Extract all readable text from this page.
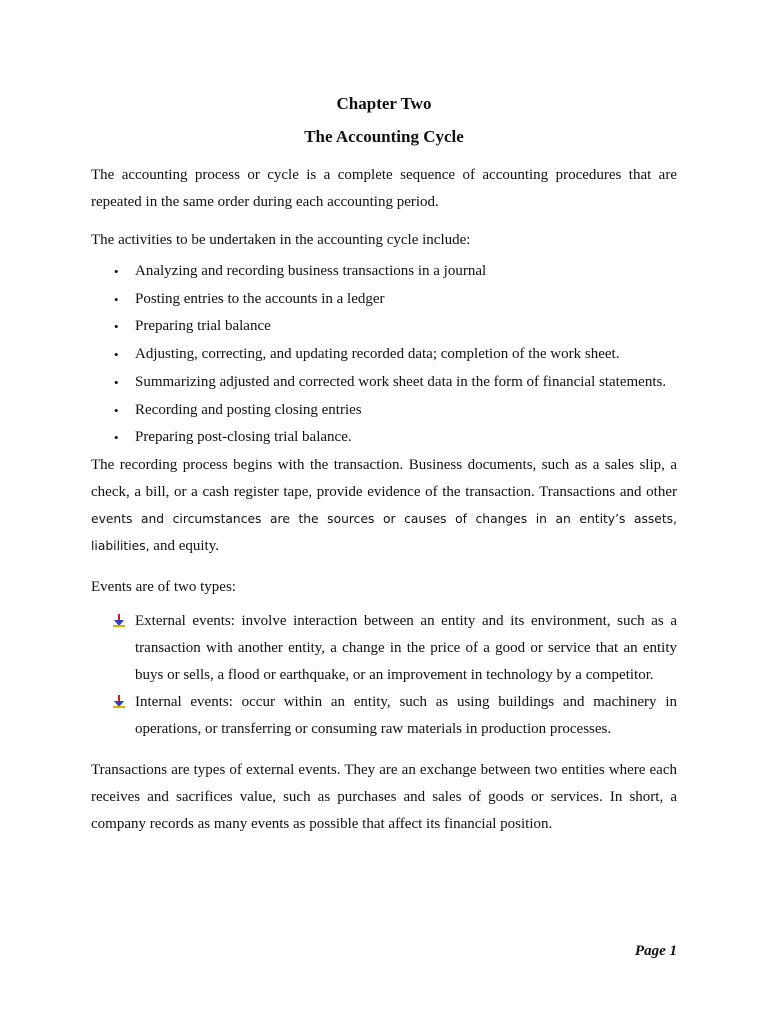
Chapter Two
The Accounting Cycle

The accounting process or cycle is a complete sequence of accounting procedures that are repeated in the same order during each accounting period.

The activities to be undertaken in the accounting cycle include:

• Analyzing and recording business transactions in a journal
• Posting entries to the accounts in a ledger
• Preparing trial balance
• Adjusting, correcting, and updating recorded data; completion of the work sheet.
• Summarizing adjusted and corrected work sheet data in the form of financial statements.
• Recording and posting closing entries
• Preparing post-closing trial balance.

The recording process begins with the transaction. Business documents, such as a sales slip, a check, a bill, or a cash register tape, provide evidence of the transaction. Transactions and other events and circumstances are the sources or causes of changes in an entity’s assets, liabilities, and equity.

Events are of two types:

External events: involve interaction between an entity and its environment, such as a transaction with another entity, a change in the price of a good or service that an entity buys or sells, a flood or earthquake, or an improvement in technology by a competitor.
Internal events: occur within an entity, such as using buildings and machinery in operations, or transferring or consuming raw materials in production processes.

Transactions are types of external events. They are an exchange between two entities where each receives and sacrifices value, such as purchases and sales of goods or services. In short, a company records as many events as possible that affect its financial position.

Page 1
